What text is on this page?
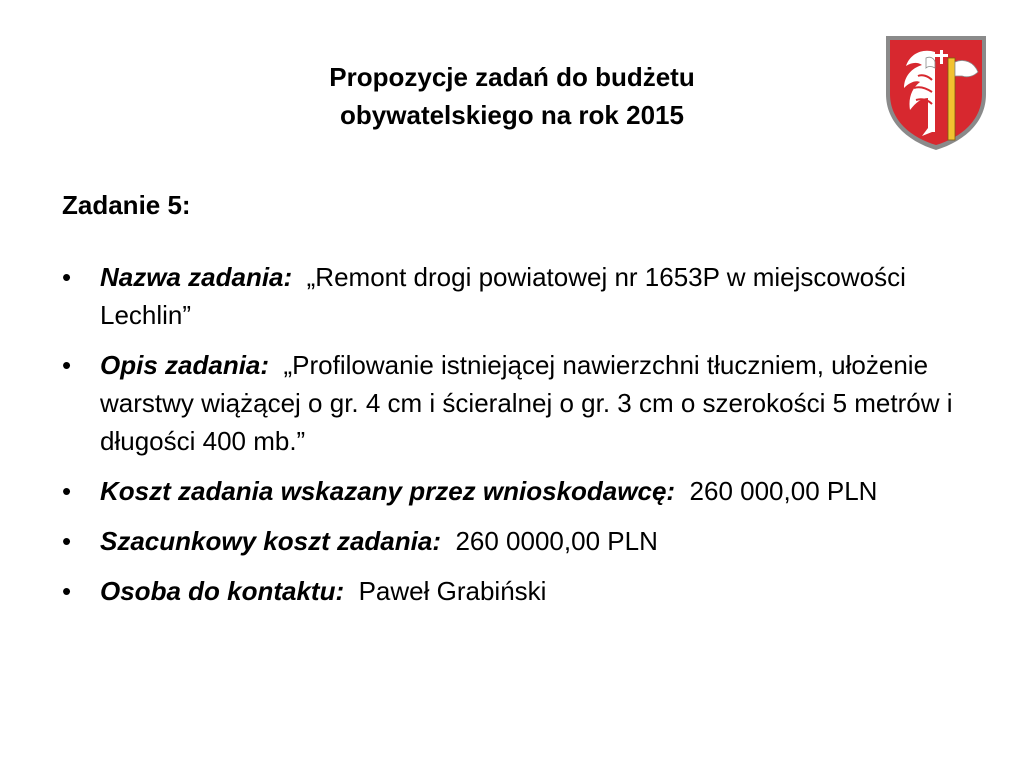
Propozycje zadań do budżetu
obywatelskiego na rok 2015
Zadanie 5:
•	Nazwa zadania:  „Remont drogi powiatowej nr 1653P w miejscowości Lechlin”
•	Opis zadania:  „Profilowanie istniejącej nawierzchni tłuczniem, ułożenie warstwy wiążącej o gr. 4 cm i ścieralnej o gr. 3 cm o szerokości 5 metrów i długości 400 mb.”
•	Koszt zadania wskazany przez wnioskodawcę:  260 000,00 PLN
•	Szacunkowy koszt zadania:  260 0000,00 PLN
•	Osoba do kontaktu:  Paweł Grabiński
